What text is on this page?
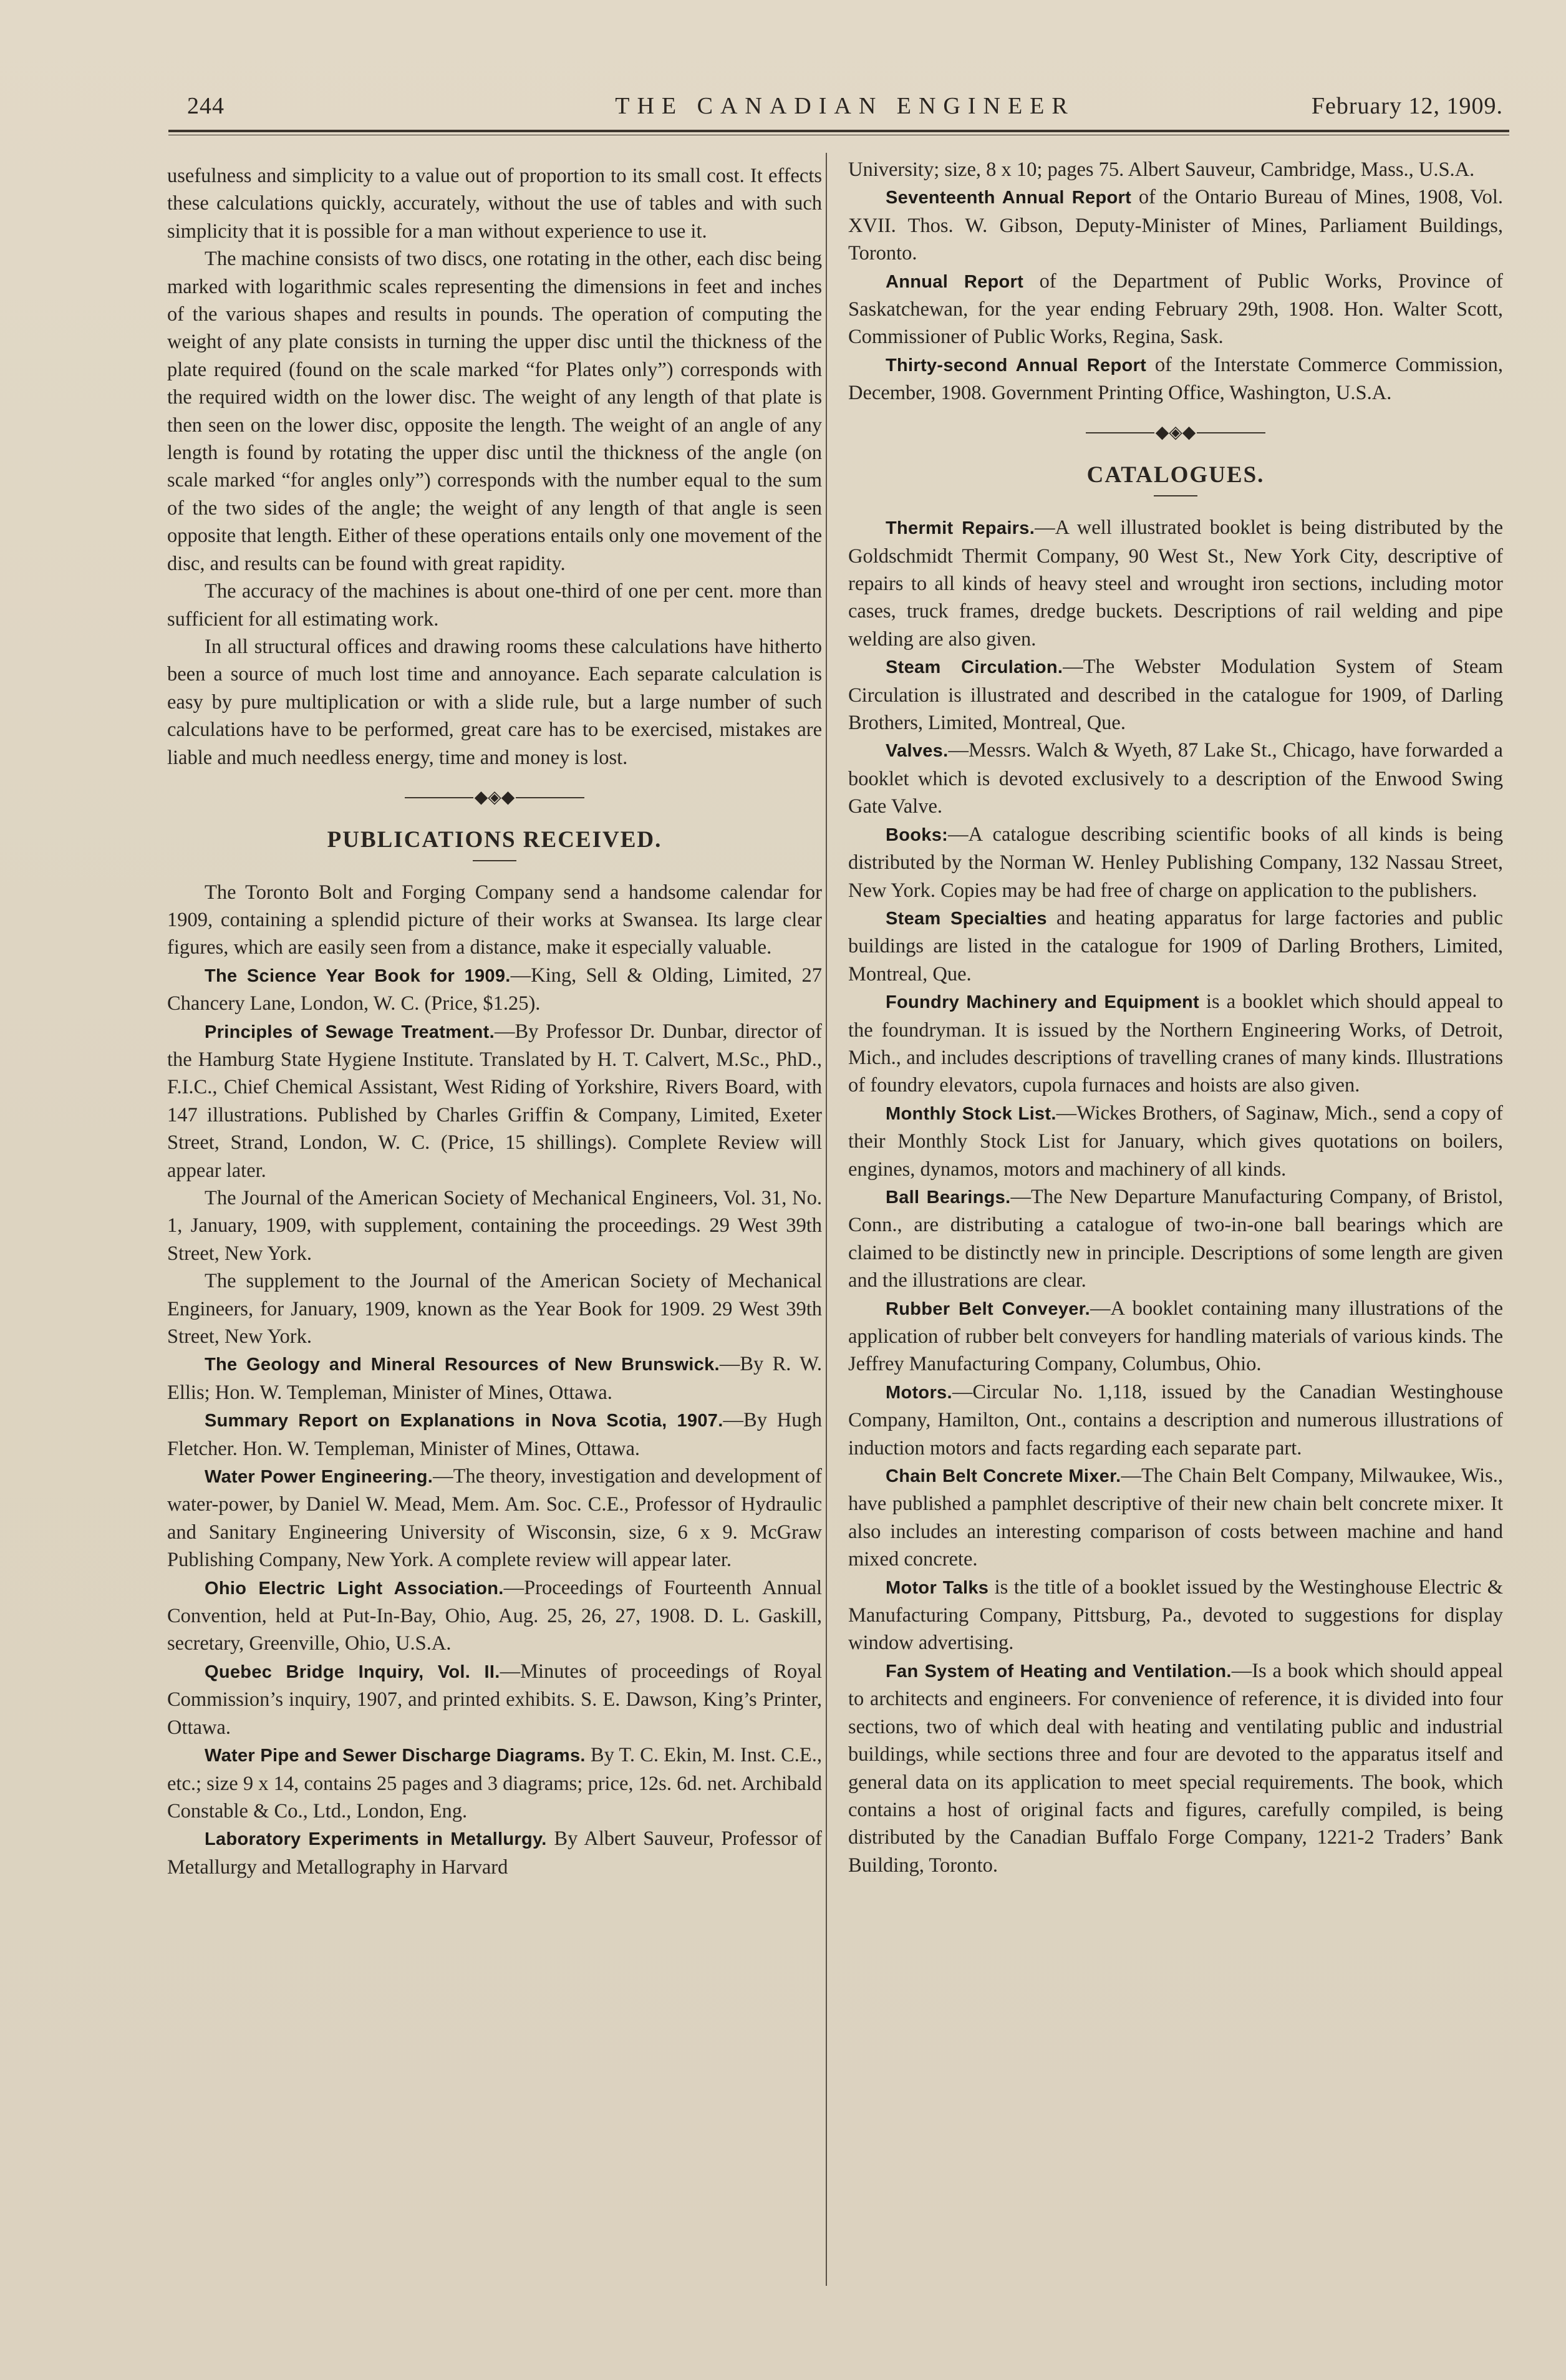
244	THE CANADIAN ENGINEER	February 12, 1909.

usefulness and simplicity to a value out of proportion to its small cost. It effects these calculations quickly, accurately, without the use of tables and with such simplicity that it is possible for a man without experience to use it.

The machine consists of two discs, one rotating in the other, each disc being marked with logarithmic scales representing the dimensions in feet and inches of the various shapes and results in pounds. The operation of computing the weight of any plate consists in turning the upper disc until the thickness of the plate required (found on the scale marked “for Plates only”) corresponds with the required width on the lower disc. The weight of any length of that plate is then seen on the lower disc, opposite the length. The weight of an angle of any length is found by rotating the upper disc until the thickness of the angle (on scale marked “for angles only”) corresponds with the number equal to the sum of the two sides of the angle; the weight of any length of that angle is seen opposite that length. Either of these operations entails only one movement of the disc, and results can be found with great rapidity.

The accuracy of the machines is about one-third of one per cent. more than sufficient for all estimating work.

In all structural offices and drawing rooms these calculations have hitherto been a source of much lost time and annoyance. Each separate calculation is easy by pure multiplication or with a slide rule, but a large number of such calculations have to be performed, great care has to be exercised, mistakes are liable and much needless energy, time and money is lost.

◆◈◆
PUBLICATIONS RECEIVED.

The Toronto Bolt and Forging Company send a handsome calendar for 1909, containing a splendid picture of their works at Swansea. Its large clear figures, which are easily seen from a distance, make it especially valuable.

The Science Year Book for 1909.—King, Sell & Olding, Limited, 27 Chancery Lane, London, W. C. (Price, $1.25).

Principles of Sewage Treatment.—By Professor Dr. Dunbar, director of the Hamburg State Hygiene Institute. Translated by H. T. Calvert, M.Sc., PhD., F.I.C., Chief Chemical Assistant, West Riding of Yorkshire, Rivers Board, with 147 illustrations. Published by Charles Griffin & Company, Limited, Exeter Street, Strand, London, W. C. (Price, 15 shillings). Complete Review will appear later.

The Journal of the American Society of Mechanical Engineers, Vol. 31, No. 1, January, 1909, with supplement, containing the proceedings. 29 West 39th Street, New York.

The supplement to the Journal of the American Society of Mechanical Engineers, for January, 1909, known as the Year Book for 1909. 29 West 39th Street, New York.

The Geology and Mineral Resources of New Brunswick.—By R. W. Ellis; Hon. W. Templeman, Minister of Mines, Ottawa.

Summary Report on Explanations in Nova Scotia, 1907.—By Hugh Fletcher. Hon. W. Templeman, Minister of Mines, Ottawa.

Water Power Engineering.—The theory, investigation and development of water-power, by Daniel W. Mead, Mem. Am. Soc. C.E., Professor of Hydraulic and Sanitary Engineering University of Wisconsin, size, 6 x 9. McGraw Publishing Company, New York. A complete review will appear later.

Ohio Electric Light Association.—Proceedings of Fourteenth Annual Convention, held at Put-In-Bay, Ohio, Aug. 25, 26, 27, 1908. D. L. Gaskill, secretary, Greenville, Ohio, U.S.A.

Quebec Bridge Inquiry, Vol. II.—Minutes of proceedings of Royal Commission’s inquiry, 1907, and printed exhibits. S. E. Dawson, King’s Printer, Ottawa.

Water Pipe and Sewer Discharge Diagrams. By T. C. Ekin, M. Inst. C.E., etc.; size 9 x 14, contains 25 pages and 3 diagrams; price, 12s. 6d. net. Archibald Constable & Co., Ltd., London, Eng.

Laboratory Experiments in Metallurgy. By Albert Sauveur, Professor of Metallurgy and Metallography in Harvard

University; size, 8 x 10; pages 75. Albert Sauveur, Cambridge, Mass., U.S.A.

Seventeenth Annual Report of the Ontario Bureau of Mines, 1908, Vol. XVII. Thos. W. Gibson, Deputy-Minister of Mines, Parliament Buildings, Toronto.

Annual Report of the Department of Public Works, Province of Saskatchewan, for the year ending February 29th, 1908. Hon. Walter Scott, Commissioner of Public Works, Regina, Sask.

Thirty-second Annual Report of the Interstate Commerce Commission, December, 1908. Government Printing Office, Washington, U.S.A.

◆◈◆
CATALOGUES.

Thermit Repairs.—A well illustrated booklet is being distributed by the Goldschmidt Thermit Company, 90 West St., New York City, descriptive of repairs to all kinds of heavy steel and wrought iron sections, including motor cases, truck frames, dredge buckets. Descriptions of rail welding and pipe welding are also given.

Steam Circulation.—The Webster Modulation System of Steam Circulation is illustrated and described in the catalogue for 1909, of Darling Brothers, Limited, Montreal, Que.

Valves.—Messrs. Walch & Wyeth, 87 Lake St., Chicago, have forwarded a booklet which is devoted exclusively to a description of the Enwood Swing Gate Valve.

Books:—A catalogue describing scientific books of all kinds is being distributed by the Norman W. Henley Publishing Company, 132 Nassau Street, New York. Copies may be had free of charge on application to the publishers.

Steam Specialties and heating apparatus for large factories and public buildings are listed in the catalogue for 1909 of Darling Brothers, Limited, Montreal, Que.

Foundry Machinery and Equipment is a booklet which should appeal to the foundryman. It is issued by the Northern Engineering Works, of Detroit, Mich., and includes descriptions of travelling cranes of many kinds. Illustrations of foundry elevators, cupola furnaces and hoists are also given.

Monthly Stock List.—Wickes Brothers, of Saginaw, Mich., send a copy of their Monthly Stock List for January, which gives quotations on boilers, engines, dynamos, motors and machinery of all kinds.

Ball Bearings.—The New Departure Manufacturing Company, of Bristol, Conn., are distributing a catalogue of two-in-one ball bearings which are claimed to be distinctly new in principle. Descriptions of some length are given and the illustrations are clear.

Rubber Belt Conveyer.—A booklet containing many illustrations of the application of rubber belt conveyers for handling materials of various kinds. The Jeffrey Manufacturing Company, Columbus, Ohio.

Motors.—Circular No. 1,118, issued by the Canadian Westinghouse Company, Hamilton, Ont., contains a description and numerous illustrations of induction motors and facts regarding each separate part.

Chain Belt Concrete Mixer.—The Chain Belt Company, Milwaukee, Wis., have published a pamphlet descriptive of their new chain belt concrete mixer. It also includes an interesting comparison of costs between machine and hand mixed concrete.

Motor Talks is the title of a booklet issued by the Westinghouse Electric & Manufacturing Company, Pittsburg, Pa., devoted to suggestions for display window advertising.

Fan System of Heating and Ventilation.—Is a book which should appeal to architects and engineers. For convenience of reference, it is divided into four sections, two of which deal with heating and ventilating public and industrial buildings, while sections three and four are devoted to the apparatus itself and general data on its application to meet special requirements. The book, which contains a host of original facts and figures, carefully compiled, is being distributed by the Canadian Buffalo Forge Company, 1221-2 Traders’ Bank Building, Toronto.
